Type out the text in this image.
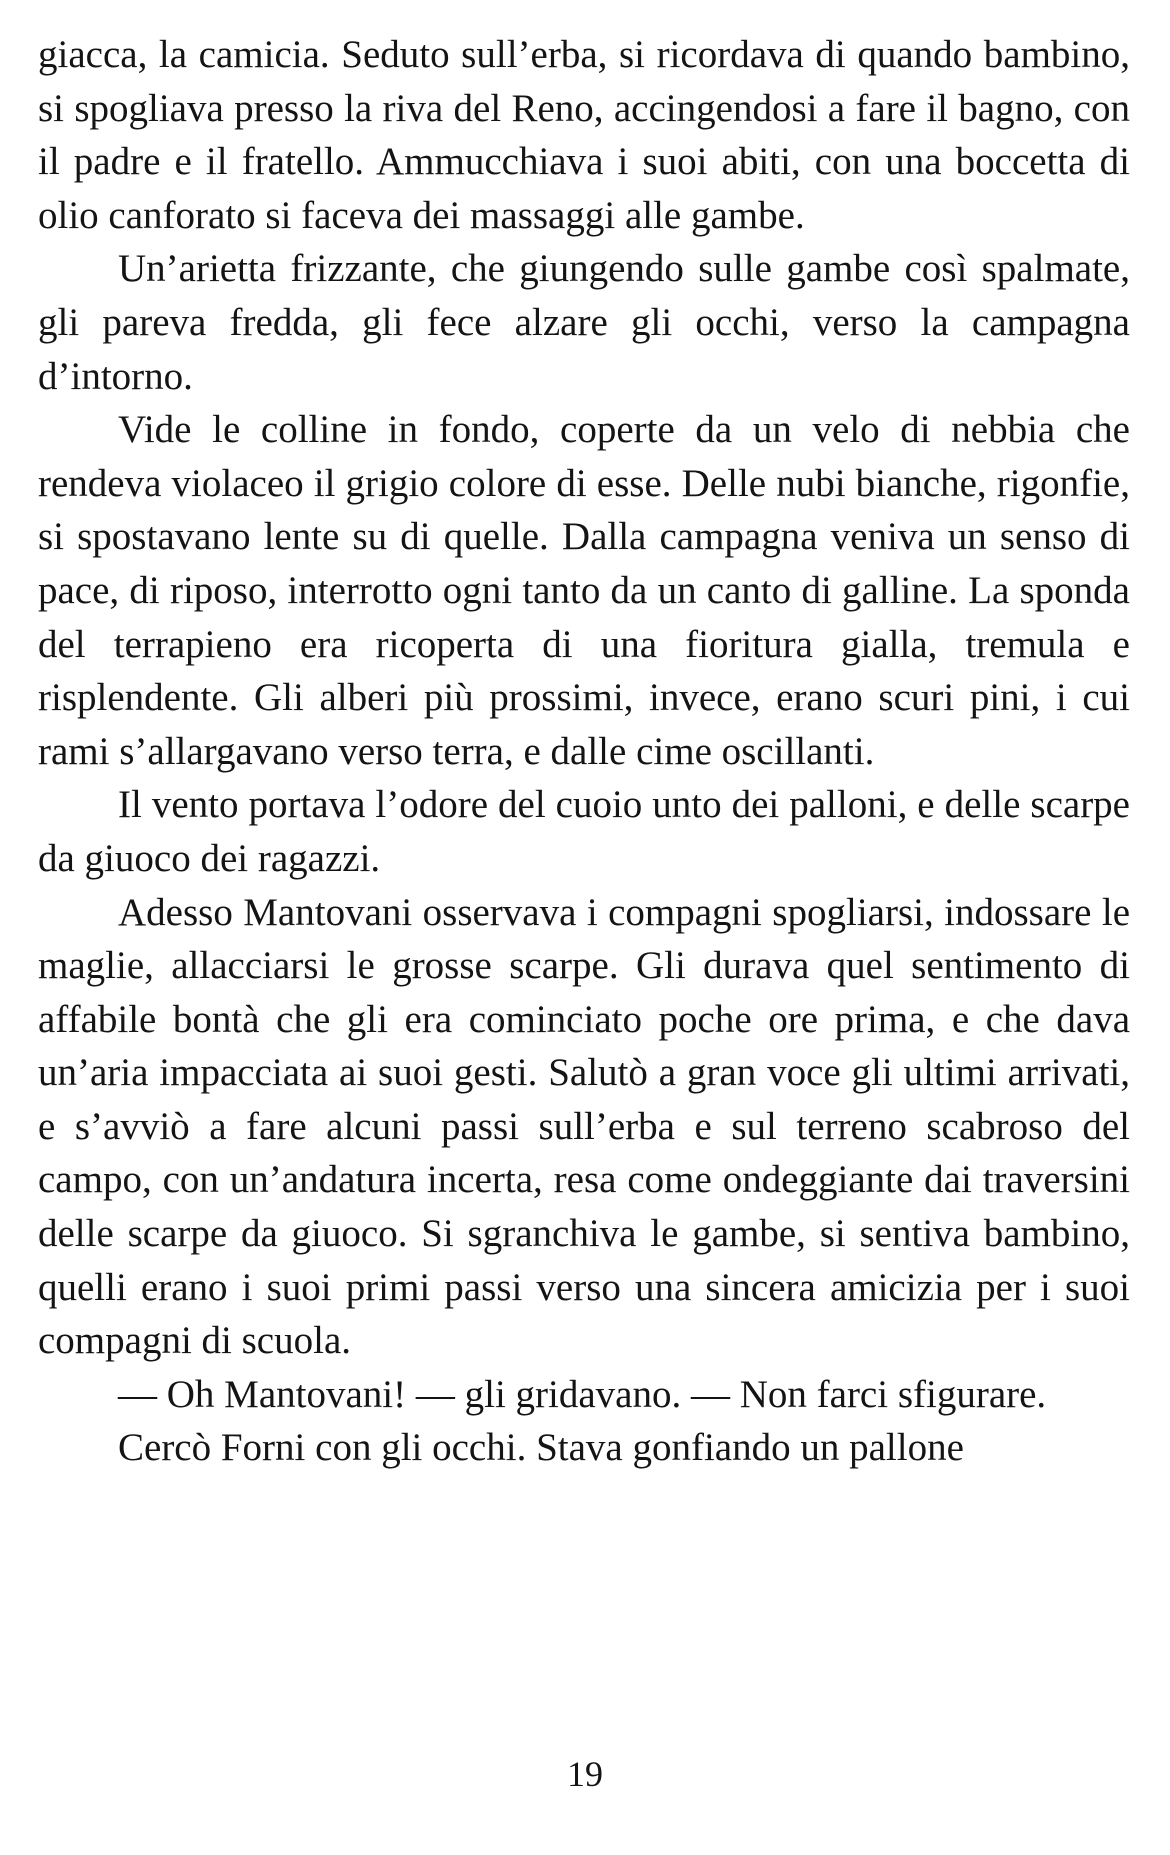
giacca, la camicia. Seduto sull’erba, si ricordava di quando bambino, si spogliava presso la riva del Reno, accingendosi a fare il bagno, con il padre e il fratello. Ammucchiava i suoi abiti, con una boccetta di olio canforato si faceva dei massaggi alle gambe.

Un’arietta frizzante, che giungendo sulle gambe così spalmate, gli pareva fredda, gli fece alzare gli occhi, verso la campagna d’intorno.

Vide le colline in fondo, coperte da un velo di nebbia che rendeva violaceo il grigio colore di esse. Delle nubi bianche, rigonfie, si spostavano lente su di quelle. Dalla campagna veniva un senso di pace, di riposo, interrotto ogni tanto da un canto di galline. La sponda del terrapieno era ricoperta di una fioritura gialla, tremula e risplendente. Gli alberi più prossimi, invece, erano scuri pini, i cui rami s’allargavano verso terra, e dalle cime oscillanti.

Il vento portava l’odore del cuoio unto dei palloni, e delle scarpe da giuoco dei ragazzi.

Adesso Mantovani osservava i compagni spogliarsi, indossare le maglie, allacciarsi le grosse scarpe. Gli durava quel sentimento di affabile bontà che gli era cominciato poche ore prima, e che dava un’aria impacciata ai suoi gesti. Salutò a gran voce gli ultimi arrivati, e s’avviò a fare alcuni passi sull’erba e sul terreno scabroso del campo, con un’andatura incerta, resa come ondeggiante dai traversini delle scarpe da giuoco. Si sgranchiva le gambe, si sentiva bambino, quelli erano i suoi primi passi verso una sincera amicizia per i suoi compagni di scuola.

— Oh Mantovani! — gli gridavano. — Non farci sfigurare.

Cercò Forni con gli occhi. Stava gonfiando un pallone

19
